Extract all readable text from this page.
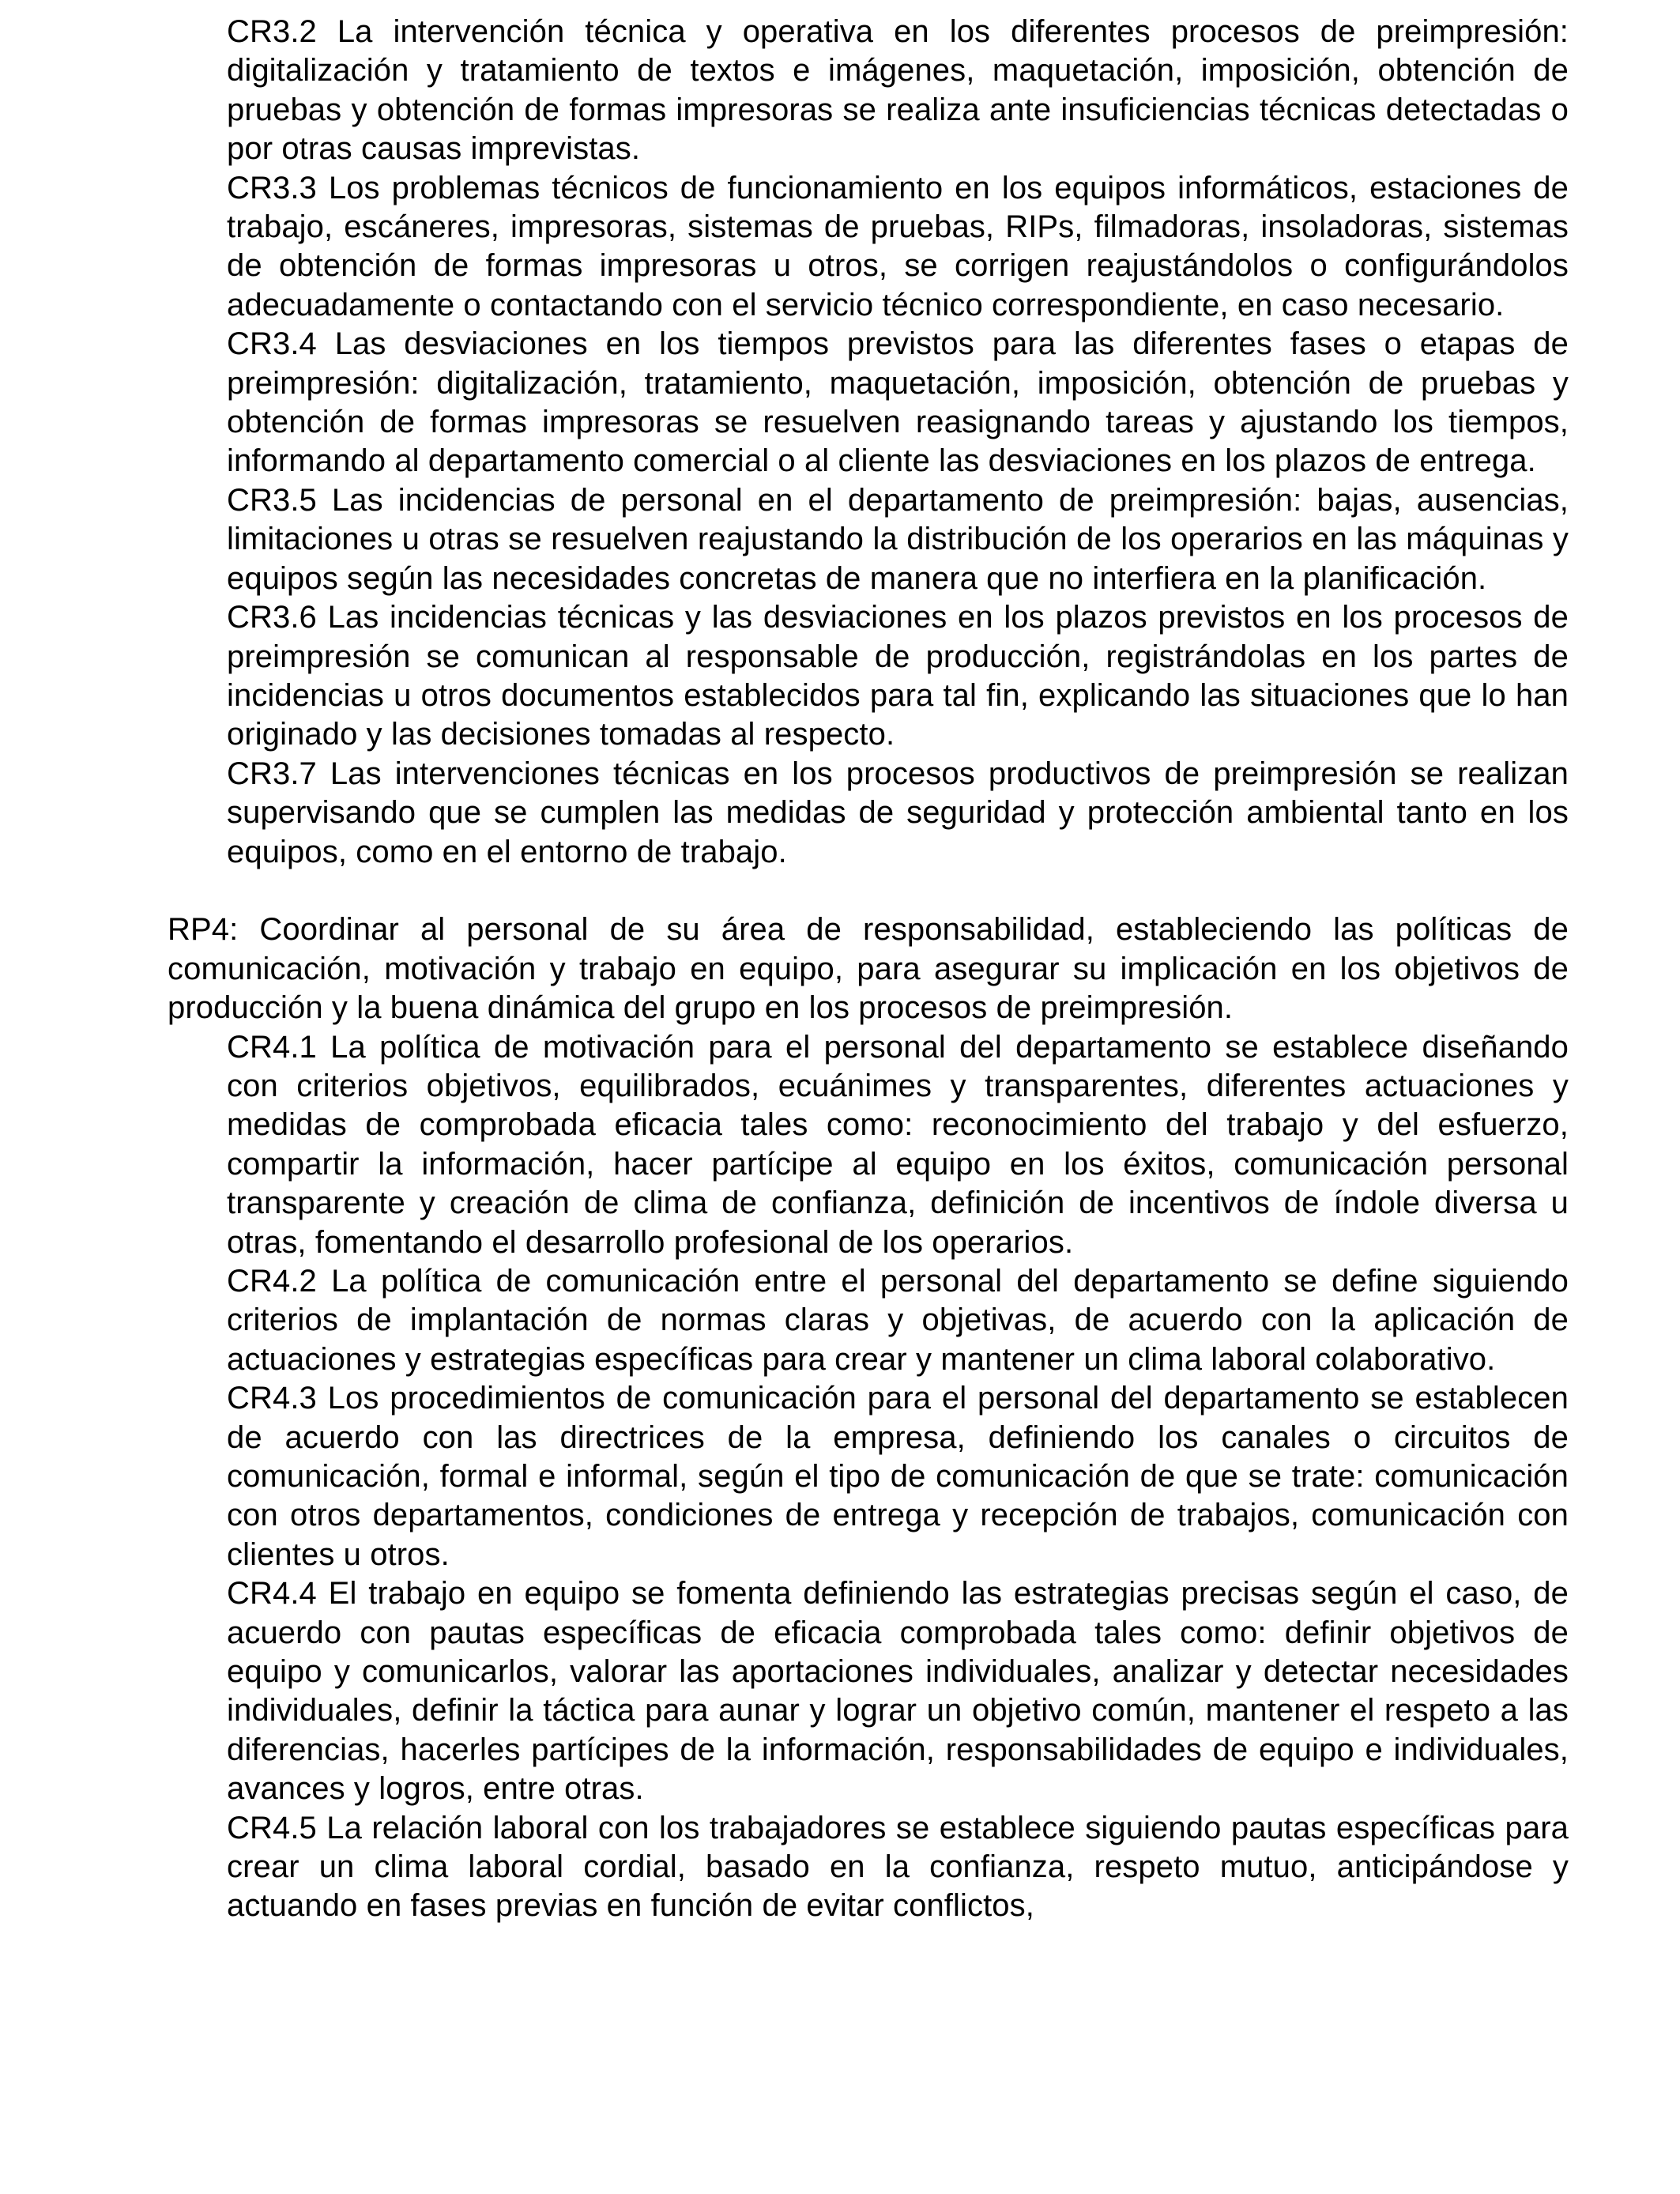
CR3.2 La intervención técnica y operativa en los diferentes procesos de preimpresión: digitalización y tratamiento de textos e imágenes, maquetación, imposición, obtención de pruebas y obtención de formas impresoras se realiza ante insuficiencias técnicas detectadas o por otras causas imprevistas.

CR3.3 Los problemas técnicos de funcionamiento en los equipos informáticos, estaciones de trabajo, escáneres, impresoras, sistemas de pruebas, RIPs, filmadoras, insoladoras, sistemas de obtención de formas impresoras u otros, se corrigen reajustándolos o configurándolos adecuadamente o contactando con el servicio técnico correspondiente, en caso necesario.

CR3.4 Las desviaciones en los tiempos previstos para las diferentes fases o etapas de preimpresión: digitalización, tratamiento, maquetación, imposición, obtención de pruebas y obtención de formas impresoras se resuelven reasignando tareas y ajustando los tiempos, informando al departamento comercial o al cliente las desviaciones en los plazos de entrega.

CR3.5 Las incidencias de personal en el departamento de preimpresión: bajas, ausencias, limitaciones u otras se resuelven reajustando la distribución de los operarios en las máquinas y equipos según las necesidades concretas de manera que no interfiera en la planificación.

CR3.6 Las incidencias técnicas y las desviaciones en los plazos previstos en los procesos de preimpresión se comunican al responsable de producción, registrándolas en los partes de incidencias u otros documentos establecidos para tal fin, explicando las situaciones que lo han originado y las decisiones tomadas al respecto.

CR3.7 Las intervenciones técnicas en los procesos productivos de preimpresión se realizan supervisando que se cumplen las medidas de seguridad y protección ambiental tanto en los equipos, como en el entorno de trabajo.

RP4: Coordinar al personal de su área de responsabilidad, estableciendo las políticas de comunicación, motivación y trabajo en equipo, para asegurar su implicación en los objetivos de producción y la buena dinámica del grupo en los procesos de preimpresión.

CR4.1 La política de motivación para el personal del departamento se establece diseñando con criterios objetivos, equilibrados, ecuánimes y transparentes, diferentes actuaciones y medidas de comprobada eficacia tales como: reconocimiento del trabajo y del esfuerzo, compartir la información, hacer partícipe al equipo en los éxitos, comunicación personal transparente y creación de clima de confianza, definición de incentivos de índole diversa u otras, fomentando el desarrollo profesional de los operarios.

CR4.2 La política de comunicación entre el personal del departamento se define siguiendo criterios de implantación de normas claras y objetivas, de acuerdo con la aplicación de actuaciones y estrategias específicas para crear y mantener un clima laboral colaborativo.

CR4.3 Los procedimientos de comunicación para el personal del departamento se establecen de acuerdo con las directrices de la empresa, definiendo los canales o circuitos de comunicación, formal e informal, según el tipo de comunicación de que se trate: comunicación con otros departamentos, condiciones de entrega y recepción de trabajos, comunicación con clientes u otros.

CR4.4 El trabajo en equipo se fomenta definiendo las estrategias precisas según el caso, de acuerdo con pautas específicas de eficacia comprobada tales como: definir objetivos de equipo y comunicarlos, valorar las aportaciones individuales, analizar y detectar necesidades individuales, definir la táctica para aunar y lograr un objetivo común, mantener el respeto a las diferencias, hacerles partícipes de la información, responsabilidades de equipo e individuales, avances y logros, entre otras.

CR4.5 La relación laboral con los trabajadores se establece siguiendo pautas específicas para crear un clima laboral cordial, basado en la confianza, respeto mutuo, anticipándose y actuando en fases previas en función de evitar conflictos,
